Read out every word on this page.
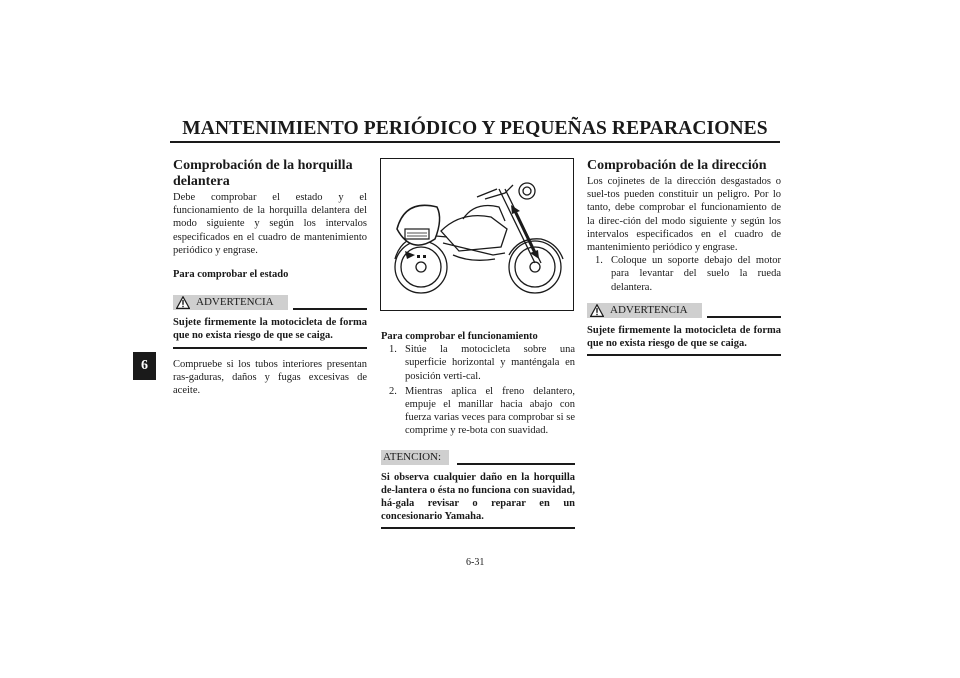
MANTENIMIENTO PERIÓDICO Y PEQUEÑAS REPARACIONES
6
Comprobación de la horquilla delantera

Debe comprobar el estado y el funcionamiento de la horquilla delantera del modo siguiente y según los intervalos especificados en el cuadro de mantenimiento periódico y engrase.

Para comprobar el estado

ADVERTENCIA

Sujete firmemente la motocicleta de forma que no exista riesgo de que se caiga.

Compruebe si los tubos interiores presentan ras-gaduras, daños y fugas excesivas de aceite.

Para comprobar el funcionamiento

1. Sitúe la motocicleta sobre una superficie horizontal y manténgala en posición verti-cal.
2. Mientras aplica el freno delantero, empuje el manillar hacia abajo con fuerza varias veces para comprobar si se comprime y re-bota con suavidad.
ATENCION:

Si observa cualquier daño en la horquilla de-lantera o ésta no funciona con suavidad, há-gala revisar o reparar en un concesionario Yamaha.

Comprobación de la dirección

Los cojinetes de la dirección desgastados o suel-tos pueden constituir un peligro. Por lo tanto, debe comprobar el funcionamiento de la direc-ción del modo siguiente y según los intervalos especificados en el cuadro de mantenimiento periódico y engrase.

1. Coloque un soporte debajo del motor para levantar del suelo la rueda delantera.
ADVERTENCIA

Sujete firmemente la motocicleta de forma que no exista riesgo de que se caiga.

6-31
